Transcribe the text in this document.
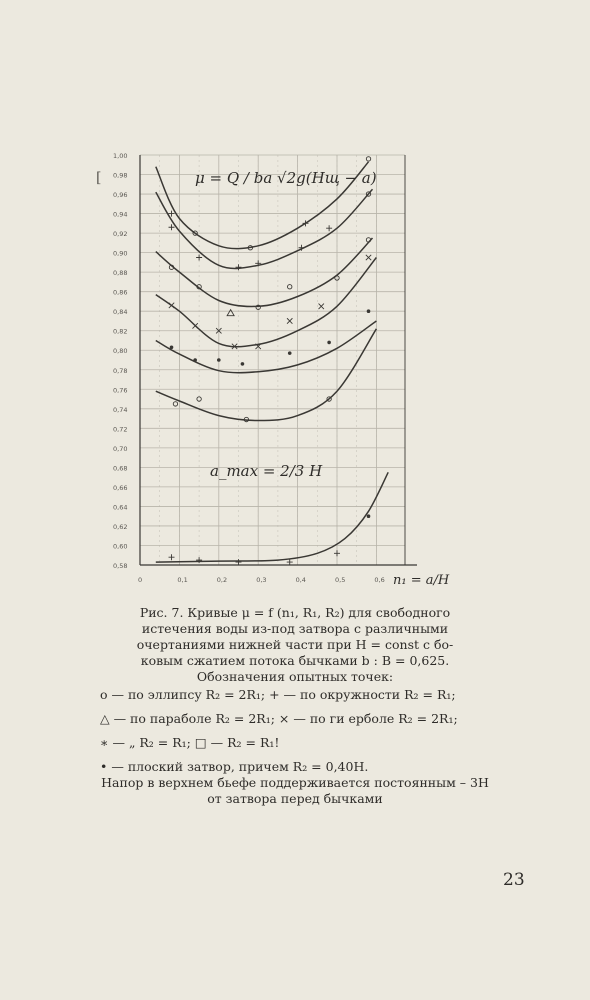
0,58
0,60
0,62
0,64
0,66
0,68
0,70
0,72
0,74
0,76
0,78
0,80
0,82
0,84
0,86
0,88
0,90
0,92
0,94
0,96
0,98
1,00
0	0,1	0,2	0,3	0,4	0,5	0,6
μ = Q / ba √2g(Hщ − a)
a_max = 2/3 H
n₁ = a/H
[
Рис. 7. Кривые μ = f (n₁, R₁, R₂) для свободного
истечения воды из-под затвора с различными
очертаниями нижней части при H = const с бо-
ковым сжатием потока бычками b : B = 0,625.
Обозначения опытных точек:
о — по эллипсу R₂ = 2R₁; + — по окружности R₂ = R₁;
△ — по параболе R₂ = 2R₁; × — по ги ерболе R₂ = 2R₁;
∗ — „ R₂ = R₁; □ — R₂ = R₁!
• — плоский затвор, причем R₂ = 0,40H.
Напор в верхнем бьефе поддерживается постоянным – 3H
от затвора перед бычками
23
